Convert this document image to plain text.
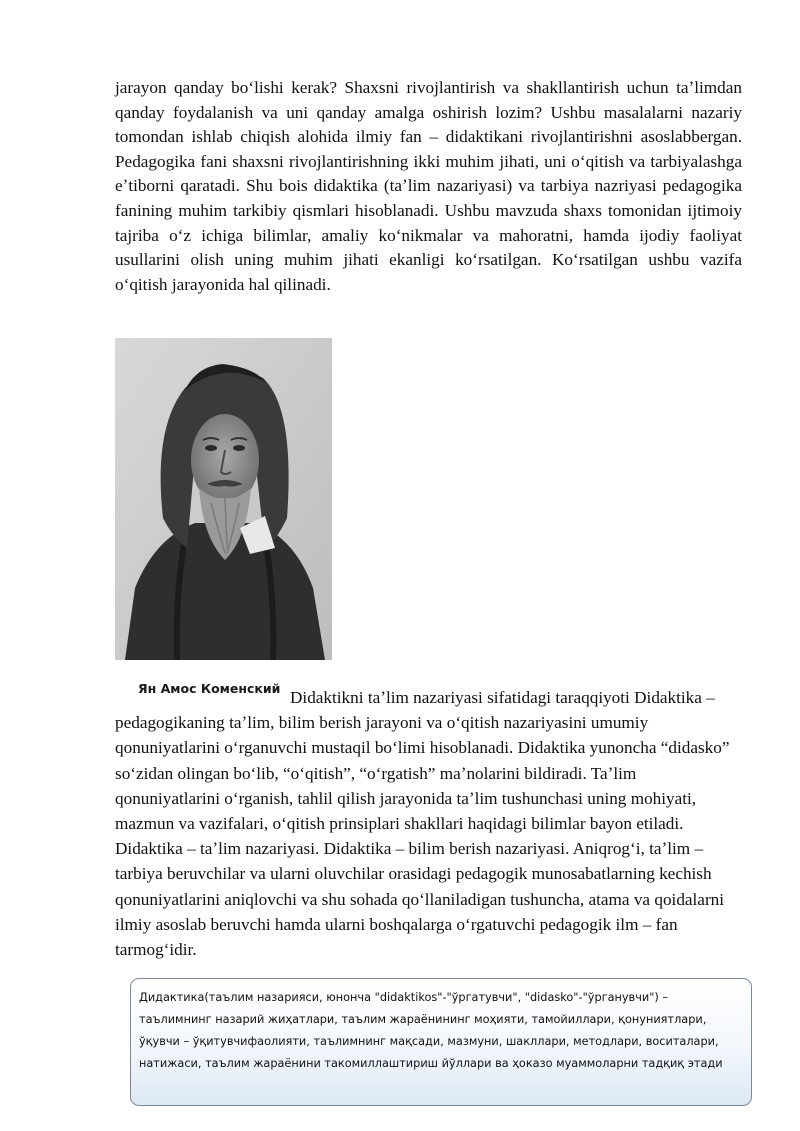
jarayon qanday boʻlishi kerak? Shaxsni rivojlantirish va shakllantirish uchun taʼlimdan qanday foydalanish va uni qanday amalga oshirish lozim? Ushbu masalalarni nazariy tomondan ishlab chiqish alohida ilmiy fan – didaktikani rivojlantirishni asoslabbergan. Pedagogika fani shaxsni rivojlantirishning ikki muhim jihati, uni oʻqitish va tarbiyalashga eʼtiborni qaratadi. Shu bois didaktika (taʼlim nazariyasi) va tarbiya nazriyasi pedagogika fanining muhim tarkibiy qismlari hisoblanadi. Ushbu mavzuda shaxs tomonidan ijtimoiy tajriba oʻz ichiga bilimlar, amaliy koʻnikmalar va mahoratni, hamda ijodiy faoliyat usullarini olish uning muhim jihati ekanligi koʻrsatilgan. Koʻrsatilgan ushbu vazifa oʻqitish jarayonida hal qilinadi.

Ян Амос Коменский Didaktikni taʼlim nazariyasi sifatidagi taraqqiyoti Didaktika – pedagogikaning taʼlim, bilim berish jarayoni va oʻqitish nazariyasini umumiy qonuniyatlarini oʻrganuvchi mustaqil boʻlimi hisoblanadi. Didaktika yunoncha “didasko” soʻzidan olingan boʻlib, “oʻqitish”, “oʻrgatish” maʼnolarini bildiradi. Taʼlim qonuniyatlarini oʻrganish, tahlil qilish jarayonida taʼlim tushunchasi uning mohiyati, mazmun va vazifalari, oʻqitish prinsiplari shakllari haqidagi bilimlar bayon etiladi. Didaktika – taʼlim nazariyasi. Didaktika – bilim berish nazariyasi. Aniqrogʻi, taʼlim – tarbiya beruvchilar va ularni oluvchilar orasidagi pedagogik munosabatlarning kechish qonuniyatlarini aniqlovchi va shu sohada qoʻllaniladigan tushuncha, atama va qoidalarni ilmiy asoslab beruvchi hamda ularni boshqalarga oʻrgatuvchi pedagogik ilm – fan tarmogʻidir.

Дидактика(таълим назарияси, юнонча "didaktikos"-"ўргатувчи", "didasko"-"ўрганувчи") – таълимнинг назарий жиҳатлари, таълим жараёнининг моҳияти, тамойиллари, қонуниятлари, ўқувчи – ўқитувчифаолияти, таълимнинг мақсади, мазмуни, шакллари, методлари, воситалари, натижаси, таълим жараёнини такомиллаштириш йўллари ва ҳоказо муаммоларни тадқиқ этади
